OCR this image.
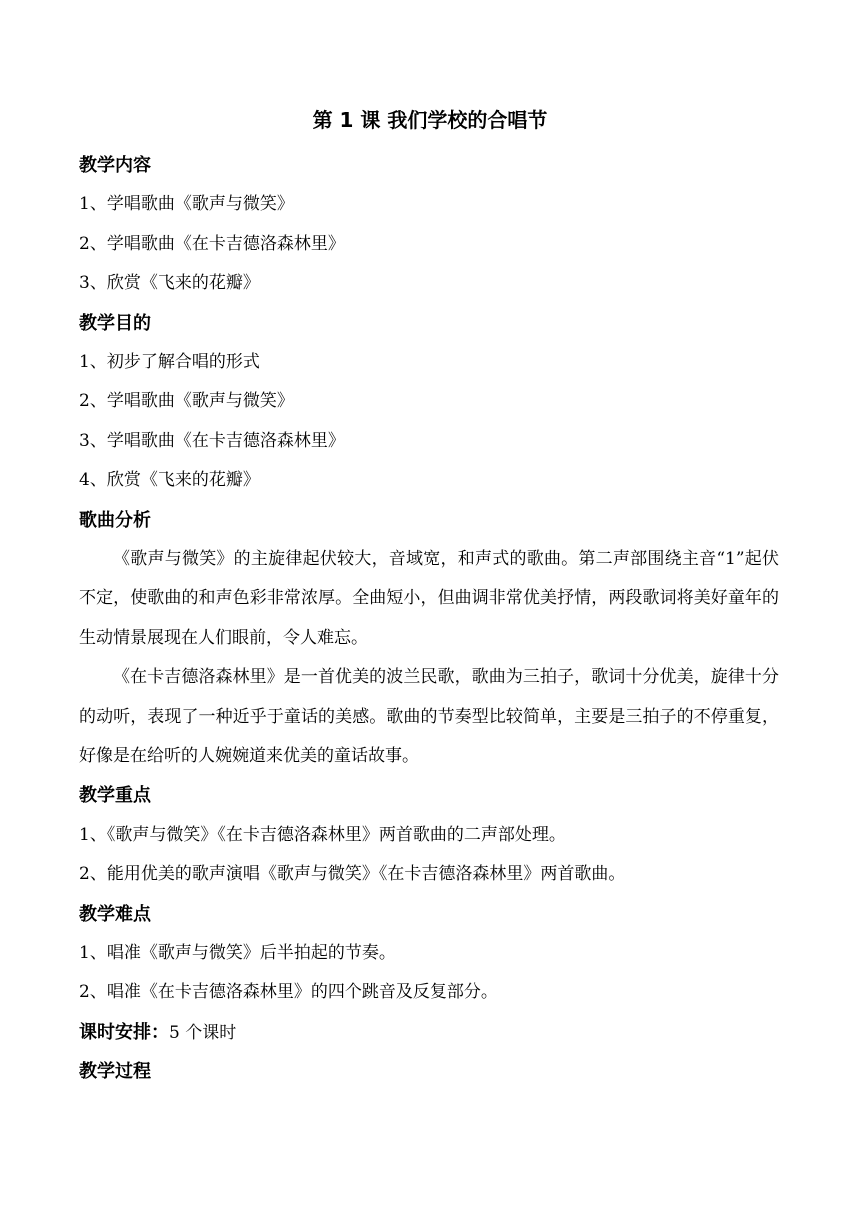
第 1 课 我们学校的合唱节
教学内容
1、学唱歌曲《歌声与微笑》
2、学唱歌曲《在卡吉德洛森林里》
3、欣赏《飞来的花瓣》
教学目的
1、初步了解合唱的形式
2、学唱歌曲《歌声与微笑》
3、学唱歌曲《在卡吉德洛森林里》
4、欣赏《飞来的花瓣》
歌曲分析
《歌声与微笑》的主旋律起伏较大，音域宽，和声式的歌曲。第二声部围绕主音“1”起伏不定，使歌曲的和声色彩非常浓厚。全曲短小，但曲调非常优美抒情，两段歌词将美好童年的生动情景展现在人们眼前，令人难忘。
《在卡吉德洛森林里》是一首优美的波兰民歌，歌曲为三拍子，歌词十分优美，旋律十分的动听，表现了一种近乎于童话的美感。歌曲的节奏型比较简单，主要是三拍子的不停重复，好像是在给听的人婉婉道来优美的童话故事。
教学重点
1、《歌声与微笑》《在卡吉德洛森林里》两首歌曲的二声部处理。
2、能用优美的歌声演唱《歌声与微笑》《在卡吉德洛森林里》两首歌曲。
教学难点
1、唱准《歌声与微笑》后半拍起的节奏。
2、唱准《在卡吉德洛森林里》的四个跳音及反复部分。
课时安排：5 个课时
教学过程
